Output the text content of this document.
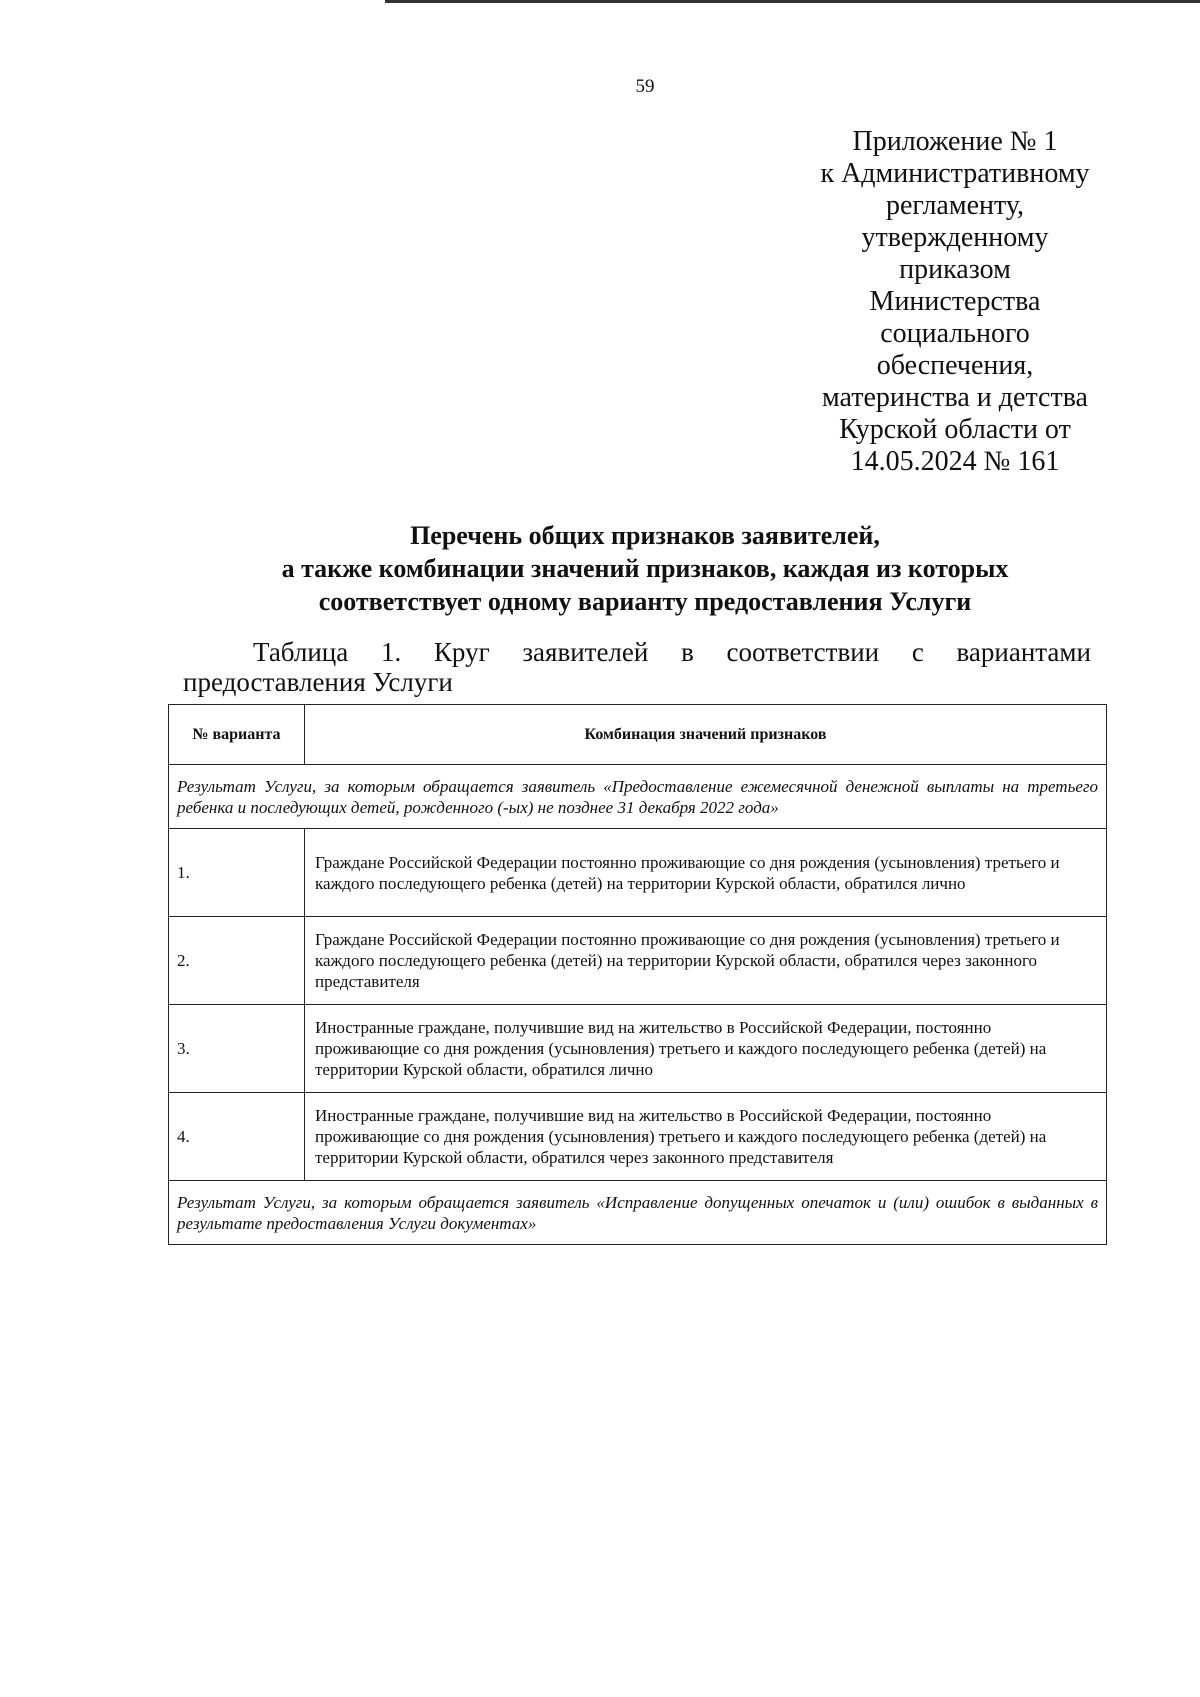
59
Приложение № 1
к Административному
регламенту,
утвержденному
приказом
Министерства
социального
обеспечения,
материнства и детства
Курской области от
14.05.2024 № 161
Перечень общих признаков заявителей,
а также комбинации значений признаков, каждая из которых
соответствует одному варианту предоставления Услуги
Таблица 1. Круг заявителей в соответствии с вариантами
предоставления Услуги
№ варианта	Комбинация значений признаков
Результат Услуги, за которым обращается заявитель «Предоставление ежемесячной денежной выплаты на третьего ребенка и последующих детей, рожденного (-ых) не позднее 31 декабря 2022 года»	
1.	Граждане Российской Федерации постоянно проживающие со дня рождения (усыновления) третьего и каждого последующего ребенка (детей) на территории Курской области, обратился лично
2.	Граждане Российской Федерации постоянно проживающие со дня рождения (усыновления) третьего и каждого последующего ребенка (детей) на территории Курской области, обратился через законного представителя
3.	Иностранные граждане, получившие вид на жительство в Российской Федерации, постоянно проживающие со дня рождения (усыновления) третьего и каждого последующего ребенка (детей) на территории Курской области, обратился лично
4.	Иностранные граждане, получившие вид на жительство в Российской Федерации, постоянно проживающие со дня рождения (усыновления) третьего и каждого последующего ребенка (детей) на территории Курской области, обратился через законного представителя
Результат Услуги, за которым обращается заявитель «Исправление допущенных опечаток и (или) ошибок в выданных в результате предоставления Услуги документах»	
